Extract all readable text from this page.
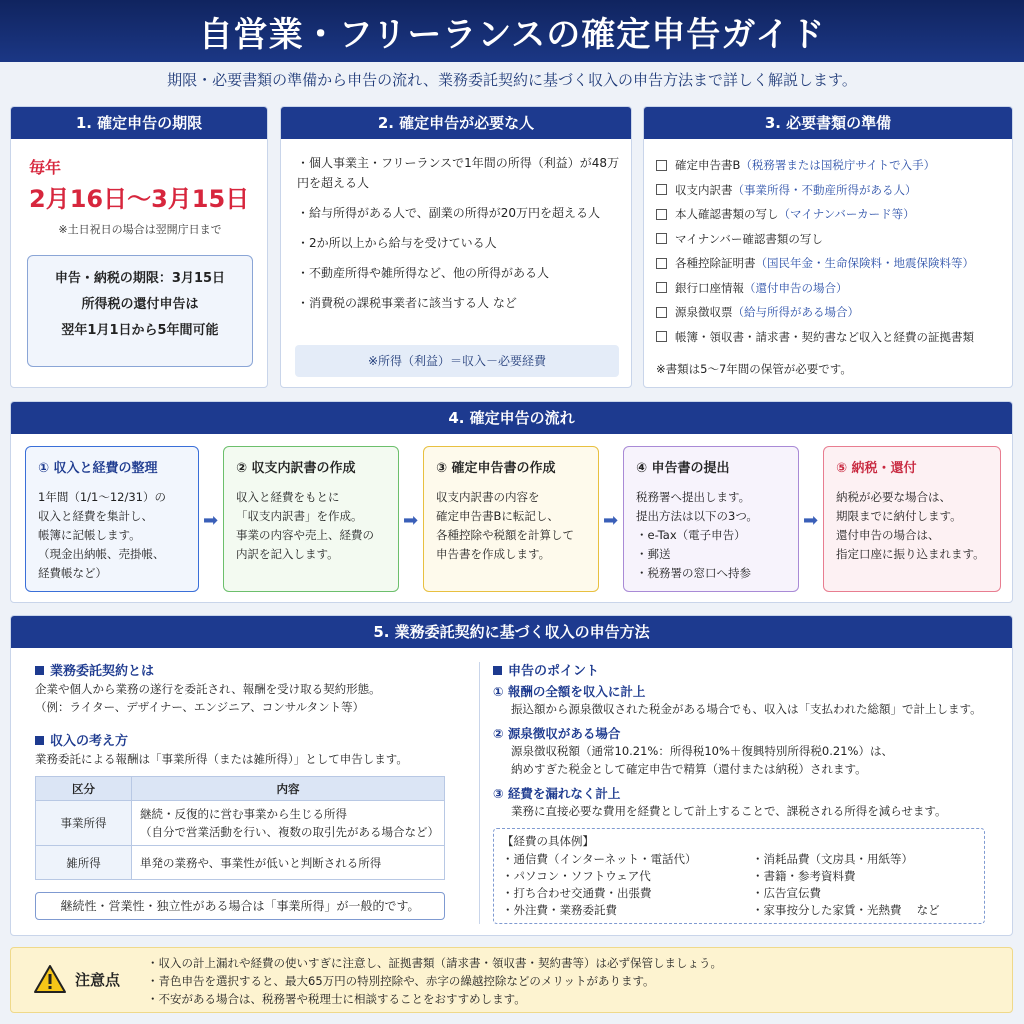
自営業・フリーランスの確定申告ガイド
期限・必要書類の準備から申告の流れ、業務委託契約に基づく収入の申告方法まで詳しく解説します。
1. 確定申告の期限
毎年
2月16日～3月15日
※土日祝日の場合は翌開庁日まで
申告・納税の期限：3月15日
所得税の還付申告は
翌年1月1日から5年間可能
2. 確定申告が必要な人
・個人事業主・フリーランスで1年間の所得（利益）が48万円を超える人
・給与所得がある人で、副業の所得が20万円を超える人
・2か所以上から給与を受けている人
・不動産所得や雑所得など、他の所得がある人
・消費税の課税事業者に該当する人 など
※所得（利益）＝収入－必要経費
3. 必要書類の準備
確定申告書B （税務署または国税庁サイトで入手）
収支内訳書 （事業所得・不動産所得がある人）
本人確認書類の写し （マイナンバーカード等）
マイナンバー確認書類の写し
各種控除証明書 （国民年金・生命保険料・地震保険料等）
銀行口座情報 （還付申告の場合）
源泉徴収票 （給与所得がある場合）
帳簿・領収書・請求書・契約書など収入と経費の証拠書類
※書類は5～7年間の保管が必要です。
4. 確定申告の流れ
① 収入と経費の整理
1年間（1/1～12/31）の
収入と経費を集計し、
帳簿に記帳します。
（現金出納帳、売掛帳、
経費帳など）
➡
② 収支内訳書の作成
収入と経費をもとに
「収支内訳書」を作成。
事業の内容や売上、経費の
内訳を記入します。
➡
③ 確定申告書の作成
収支内訳書の内容を
確定申告書Bに転記し、
各種控除や税額を計算して
申告書を作成します。
➡
④ 申告書の提出
税務署へ提出します。
提出方法は以下の3つ。
・e-Tax（電子申告）
・郵送
・税務署の窓口へ持参
➡
⑤ 納税・還付
納税が必要な場合は、
期限までに納付します。
還付申告の場合は、
指定口座に振り込まれます。
5. 業務委託契約に基づく収入の申告方法
業務委託契約とは
企業や個人から業務の遂行を委託され、報酬を受け取る契約形態。
（例：ライター、デザイナー、エンジニア、コンサルタント等）
収入の考え方
業務委託による報酬は「事業所得（または雑所得）」として申告します。
区分	内容
事業所得	継続・反復的に営む事業から生じる所得
（自分で営業活動を行い、複数の取引先がある場合など）

雑所得	単発の業務や、事業性が低いと判断される所得
継続性・営業性・独立性がある場合は「事業所得」が一般的です。
申告のポイント
① 報酬の全額を収入に計上
振込額から源泉徴収された税金がある場合でも、収入は「支払われた総額」で計上します。
② 源泉徴収がある場合
源泉徴収税額（通常10.21%：所得税10%＋復興特別所得税0.21%）は、
納めすぎた税金として確定申告で精算（還付または納税）されます。
③ 経費を漏れなく計上
業務に直接必要な費用を経費として計上することで、課税される所得を減らせます。
【経費の具体例】
・通信費（インターネット・電話代）	・消耗品費（文房具・用紙等）
・パソコン・ソフトウェア代	・書籍・参考資料費
・打ち合わせ交通費・出張費	・広告宣伝費
・外注費・業務委託費	・家事按分した家賃・光熱費　 など
注意点
・収入の計上漏れや経費の使いすぎに注意し、証拠書類（請求書・領収書・契約書等）は必ず保管しましょう。
・青色申告を選択すると、最大65万円の特別控除や、赤字の繰越控除などのメリットがあります。
・不安がある場合は、税務署や税理士に相談することをおすすめします。
